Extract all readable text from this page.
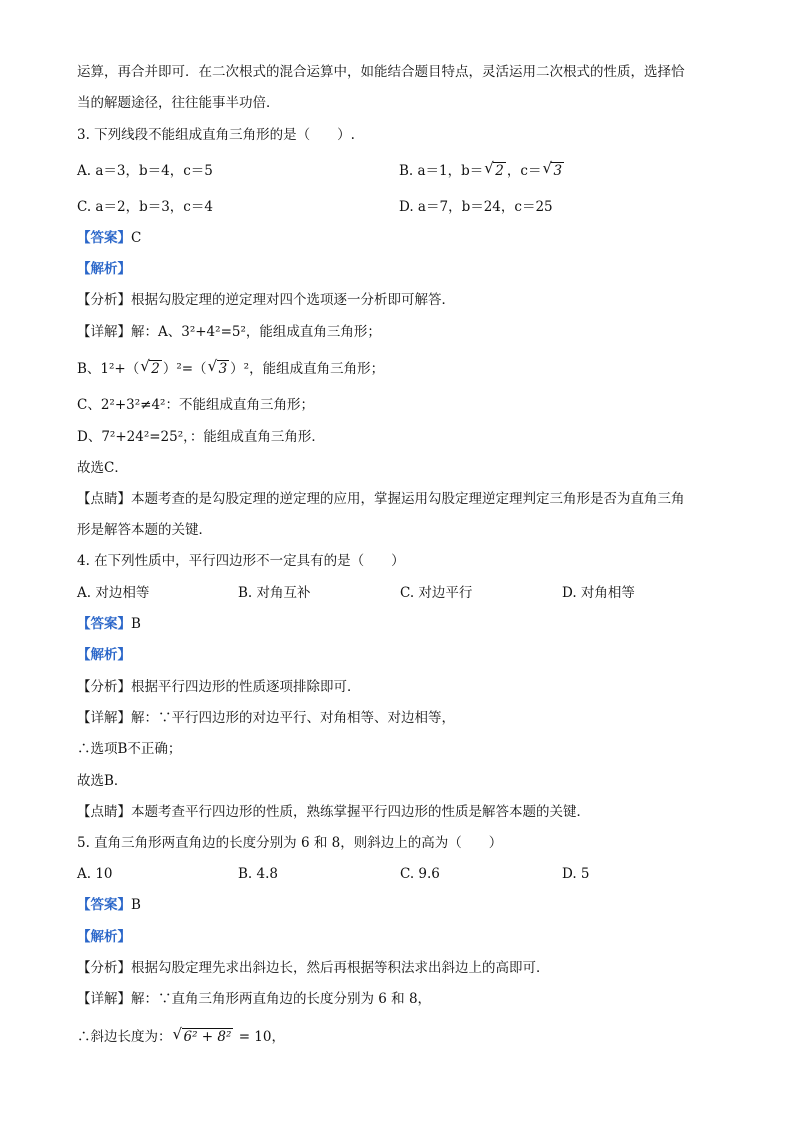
运算，再合并即可．在二次根式的混合运算中，如能结合题目特点，灵活运用二次根式的性质，选择恰
当的解题途径，往往能事半功倍．
3. 下列线段不能组成直角三角形的是（　　）.
A. a＝3，b＝4，c＝5	B. a＝1，b＝ √ 2 ，c＝ √ 3
C. a＝2，b＝3，c＝4	D. a＝7，b＝24，c＝25
【答案】C
【解析】
【分析】根据勾股定理的逆定理对四个选项逐一分析即可解答．
【详解】解：A、3²+4²=5²，能组成直角三角形；
B、1²+（ √ 2 ）²=（ √ 3 ）²，能组成直角三角形；
C、2²+3²≠4²：不能组成直角三角形；
D、7²+24²=25²，：能组成直角三角形．
故选C．
【点睛】本题考查的是勾股定理的逆定理的应用，掌握运用勾股定理逆定理判定三角形是否为直角三角
形是解答本题的关键．
4. 在下列性质中，平行四边形不一定具有的是（　　）
A. 对边相等	B. 对角互补	C. 对边平行	D. 对角相等
【答案】B
【解析】
【分析】根据平行四边形的性质逐项排除即可．
【详解】解：∵平行四边形的对边平行、对角相等、对边相等，
∴选项B不正确；
故选B．
【点睛】本题考查平行四边形的性质，熟练掌握平行四边形的性质是解答本题的关键．
5. 直角三角形两直角边的长度分别为 6 和 8，则斜边上的高为（　　）
A. 10	B. 4.8	C. 9.6	D. 5
【答案】B
【解析】
【分析】根据勾股定理先求出斜边长，然后再根据等积法求出斜边上的高即可．
【详解】解：∵直角三角形两直角边的长度分别为 6 和 8，
∴斜边长度为： √ 6² + 8² = 10，
